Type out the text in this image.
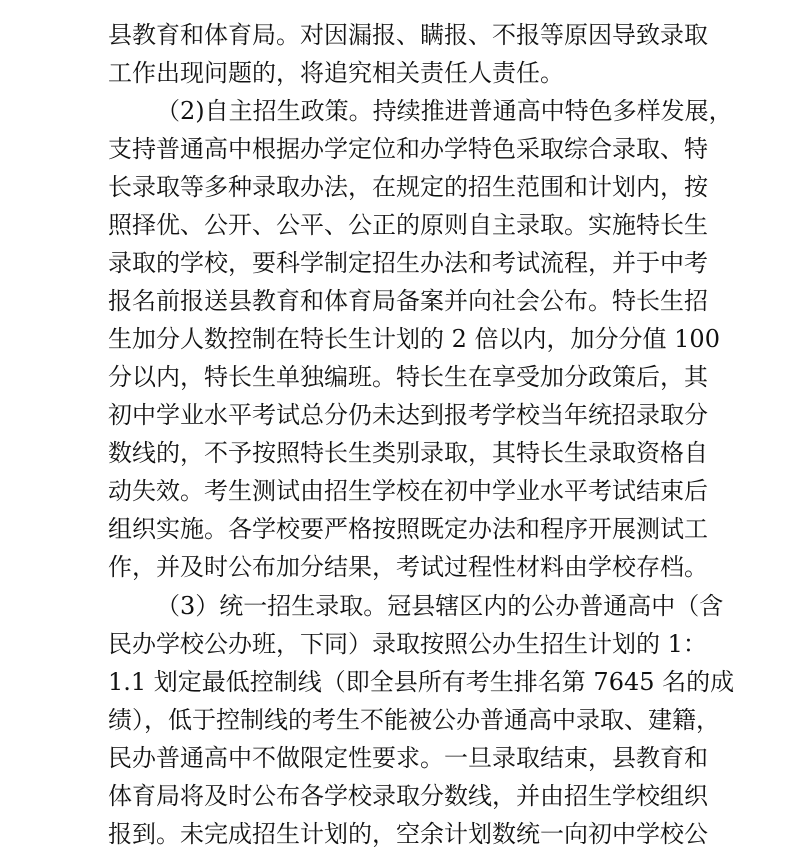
县教育和体育局。对因漏报、瞒报、不报等原因导致录取
工作出现问题的，将追究相关责任人责任。
（2)自主招生政策。持续推进普通高中特色多样发展，
支持普通高中根据办学定位和办学特色采取综合录取、特
长录取等多种录取办法，在规定的招生范围和计划内，按
照择优、公开、公平、公正的原则自主录取。实施特长生
录取的学校，要科学制定招生办法和考试流程，并于中考
报名前报送县教育和体育局备案并向社会公布。特长生招
生加分人数控制在特长生计划的 2 倍以内，加分分值 100
分以内，特长生单独编班。特长生在享受加分政策后，其
初中学业水平考试总分仍未达到报考学校当年统招录取分
数线的，不予按照特长生类别录取，其特长生录取资格自
动失效。考生测试由招生学校在初中学业水平考试结束后
组织实施。各学校要严格按照既定办法和程序开展测试工
作，并及时公布加分结果，考试过程性材料由学校存档。
（3）统一招生录取。冠县辖区内的公办普通高中（含
民办学校公办班，下同）录取按照公办生招生计划的 1：
1.1 划定最低控制线（即全县所有考生排名第 7645 名的成
绩），低于控制线的考生不能被公办普通高中录取、建籍，
民办普通高中不做限定性要求。一旦录取结束，县教育和
体育局将及时公布各学校录取分数线，并由招生学校组织
报到。未完成招生计划的，空余计划数统一向初中学校公
